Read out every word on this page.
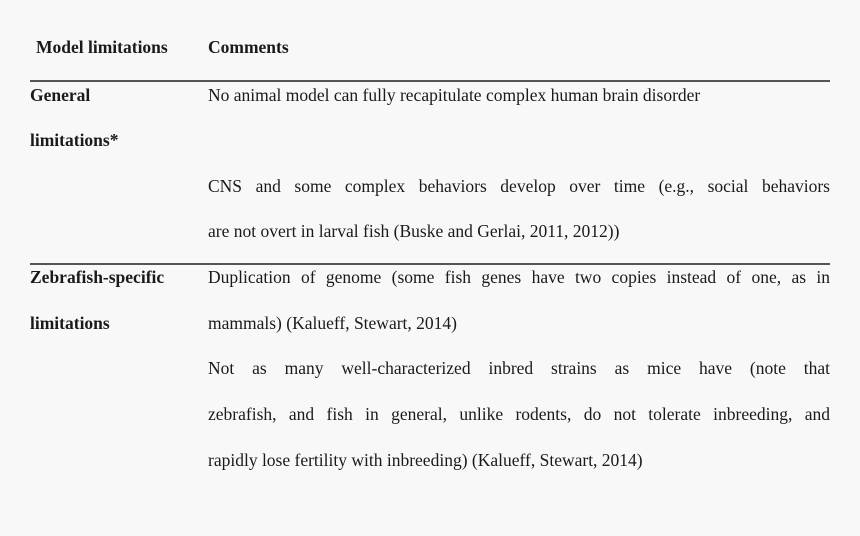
Model limitations Comments
General
limitations*
No animal model can fully recapitulate complex human brain disorder
CNS and some complex behaviors develop over time (e.g., social behaviors
are not overt in larval fish (Buske and Gerlai, 2011, 2012))
Zebrafish-specific
limitations
Duplication of genome (some fish genes have two copies instead of one, as in
mammals) (Kalueff, Stewart, 2014)
Not as many well-characterized inbred strains as mice have (note that
zebrafish, and fish in general, unlike rodents, do not tolerate inbreeding, and
rapidly lose fertility with inbreeding) (Kalueff, Stewart, 2014)
